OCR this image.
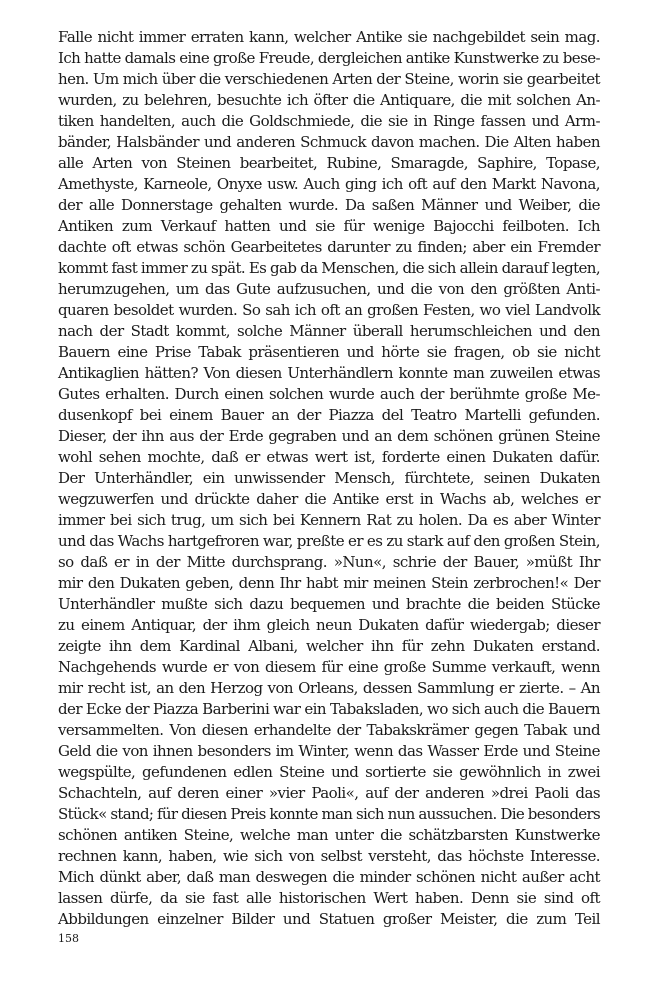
Falle nicht immer erraten kann, welcher Antike sie nachgebildet sein mag.
Ich hatte damals eine große Freude, dergleichen antike Kunstwerke zu bese-
hen. Um mich über die verschiedenen Arten der Steine, worin sie gearbeitet
wurden, zu belehren, besuchte ich öfter die Antiquare, die mit solchen An-
tiken handelten, auch die Goldschmiede, die sie in Ringe fassen und Arm-
bänder, Halsbänder und anderen Schmuck davon machen. Die Alten haben
alle Arten von Steinen bearbeitet, Rubine, Smaragde, Saphire, Topase,
Amethyste, Karneole, Onyxe usw. Auch ging ich oft auf den Markt Navona,
der alle Donnerstage gehalten wurde. Da saßen Männer und Weiber, die
Antiken zum Verkauf hatten und sie für wenige Bajocchi feilboten. Ich
dachte oft etwas schön Gearbeitetes darunter zu finden; aber ein Fremder
kommt fast immer zu spät. Es gab da Menschen, die sich allein darauf legten,
herumzugehen, um das Gute aufzusuchen, und die von den größten Anti-
quaren besoldet wurden. So sah ich oft an großen Festen, wo viel Landvolk
nach der Stadt kommt, solche Männer überall herumschleichen und den
Bauern eine Prise Tabak präsentieren und hörte sie fragen, ob sie nicht
Antikaglien hätten? Von diesen Unterhändlern konnte man zuweilen etwas
Gutes erhalten. Durch einen solchen wurde auch der berühmte große Me-
dusenkopf bei einem Bauer an der Piazza del Teatro Martelli gefunden.
Dieser, der ihn aus der Erde gegraben und an dem schönen grünen Steine
wohl sehen mochte, daß er etwas wert ist, forderte einen Dukaten dafür.
Der Unterhändler, ein unwissender Mensch, fürchtete, seinen Dukaten
wegzuwerfen und drückte daher die Antike erst in Wachs ab, welches er
immer bei sich trug, um sich bei Kennern Rat zu holen. Da es aber Winter
und das Wachs hartgefroren war, preßte er es zu stark auf den großen Stein,
so daß er in der Mitte durchsprang. »Nun«, schrie der Bauer, »müßt Ihr
mir den Dukaten geben, denn Ihr habt mir meinen Stein zerbrochen!« Der
Unterhändler mußte sich dazu bequemen und brachte die beiden Stücke
zu einem Antiquar, der ihm gleich neun Dukaten dafür wiedergab; dieser
zeigte ihn dem Kardinal Albani, welcher ihn für zehn Dukaten erstand.
Nachgehends wurde er von diesem für eine große Summe verkauft, wenn
mir recht ist, an den Herzog von Orleans, dessen Sammlung er zierte. – An
der Ecke der Piazza Barberini war ein Tabaksladen, wo sich auch die Bauern
versammelten. Von diesen erhandelte der Tabakskrämer gegen Tabak und
Geld die von ihnen besonders im Winter, wenn das Wasser Erde und Steine
wegspülte, gefundenen edlen Steine und sortierte sie gewöhnlich in zwei
Schachteln, auf deren einer »vier Paoli«, auf der anderen »drei Paoli das
Stück« stand; für diesen Preis konnte man sich nun aussuchen. Die besonders
schönen antiken Steine, welche man unter die schätzbarsten Kunstwerke
rechnen kann, haben, wie sich von selbst versteht, das höchste Interesse.
Mich dünkt aber, daß man deswegen die minder schönen nicht außer acht
lassen dürfe, da sie fast alle historischen Wert haben. Denn sie sind oft
Abbildungen einzelner Bilder und Statuen großer Meister, die zum Teil
158
